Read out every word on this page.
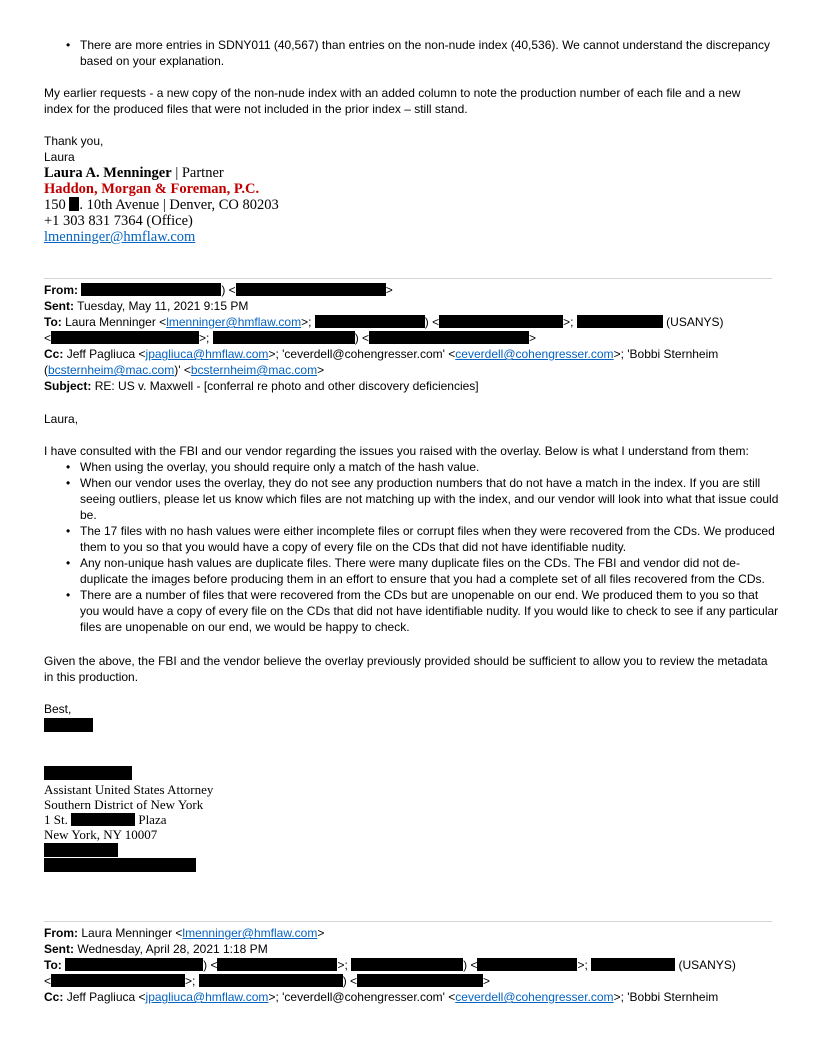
• There are more entries in SDNY011 (40,567) than entries on the non-nude index (40,536). We cannot understand the discrepancy based on your explanation.
My earlier requests - a new copy of the non-nude index with an added column to note the production number of each file and a new index for the produced files that were not included in the prior index – still stand.
Thank you,
Laura
Laura A. Menninger | Partner
Haddon, Morgan & Foreman, P.C.
150 . 10th Avenue | Denver, CO 80203
+1 303 831 7364 (Office)
lmenninger@hmflaw.com
From:	) <	>
Sent: Tuesday, May 11, 2021 9:15 PM
To: Laura Menninger <lmenninger@hmflaw.com>;	) <	>;	(USANYS)
<	>;	) <	>
Cc: Jeff Pagliuca <jpagliuca@hmflaw.com>; 'ceverdell@cohengresser.com' <ceverdell@cohengresser.com>; 'Bobbi Sternheim
(bcsternheim@mac.com)' <bcsternheim@mac.com>
Subject: RE: US v. Maxwell - [conferral re photo and other discovery deficiencies]
Laura,
I have consulted with the FBI and our vendor regarding the issues you raised with the overlay. Below is what I understand from them:
• When using the overlay, you should require only a match of the hash value.
• When our vendor uses the overlay, they do not see any production numbers that do not have a match in the index. If you are still seeing outliers, please let us know which files are not matching up with the index, and our vendor will look into what that issue could be.
• The 17 files with no hash values were either incomplete files or corrupt files when they were recovered from the CDs. We produced them to you so that you would have a copy of every file on the CDs that did not have identifiable nudity.
• Any non-unique hash values are duplicate files. There were many duplicate files on the CDs. The FBI and vendor did not de-duplicate the images before producing them in an effort to ensure that you had a complete set of all files recovered from the CDs.
• There are a number of files that were recovered from the CDs but are unopenable on our end. We produced them to you so that you would have a copy of every file on the CDs that did not have identifiable nudity. If you would like to check to see if any particular files are unopenable on our end, we would be happy to check.
Given the above, the FBI and the vendor believe the overlay previously provided should be sufficient to allow you to review the metadata in this production.
Best,
Assistant United States Attorney
Southern District of New York
1 St.	Plaza
New York, NY 10007
From: Laura Menninger <lmenninger@hmflaw.com>
Sent: Wednesday, April 28, 2021 1:18 PM
To:	) <	>;	) <	>;	(USANYS)
<	>;	) <	>
Cc: Jeff Pagliuca <jpagliuca@hmflaw.com>; 'ceverdell@cohengresser.com' <ceverdell@cohengresser.com>; 'Bobbi Sternheim
